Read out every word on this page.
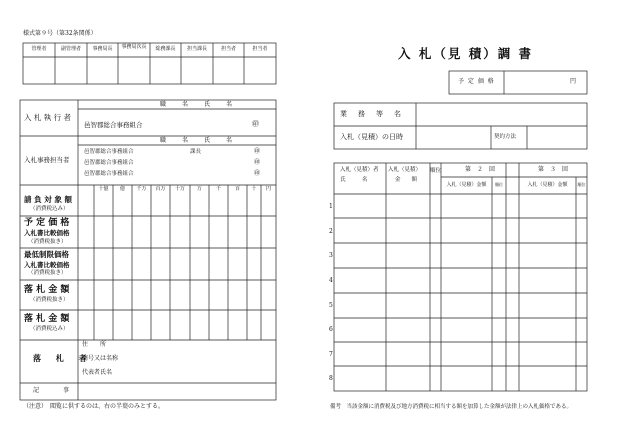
様式第９号（第32条関係）
管理者	副管理者	事務局長	事務局次長	総務課長	担当課長	担当者	担当者
入 札 執 行 者
職　名　氏　名
邑智郡総合事務組合	㊞
入札事務担当者
職　名　氏　名
邑智郡総合事務組合	課長	㊞
邑智郡総合事務組合	㊞
邑智郡総合事務組合	㊞
十億	億	千万	百万	十万	万	千	百	十	円
請 負 対 象 額
（消費税込み）
予 定 価 格
入札書比較価格
（消費税抜き）
最低制限価格
入札書比較価格
（消費税抜き）
落 札 金 額
（消費税抜き）
落 札 金 額
（消費税込み）
落 札 者
住　　所
商号又は名称
代表者氏名
記　　事
（注意）　閲覧に供するのは、右の半葉のみとする。
入 札（見 積）調 書
予 定 価 格	円
業　務　等　名
入札（見積）の日時	契約方法
入札（見積）者
氏　　　名
入札（見積）
金　　額
順位	第　２　回	第　３　回
入札（見積）金額	順位	入札（見積）金額	順位
1
2
3
4
5
6
7
8
備考　当該金額に消費税及び地方消費税に相当する額を加算した金額が法律上の入札価格である。
